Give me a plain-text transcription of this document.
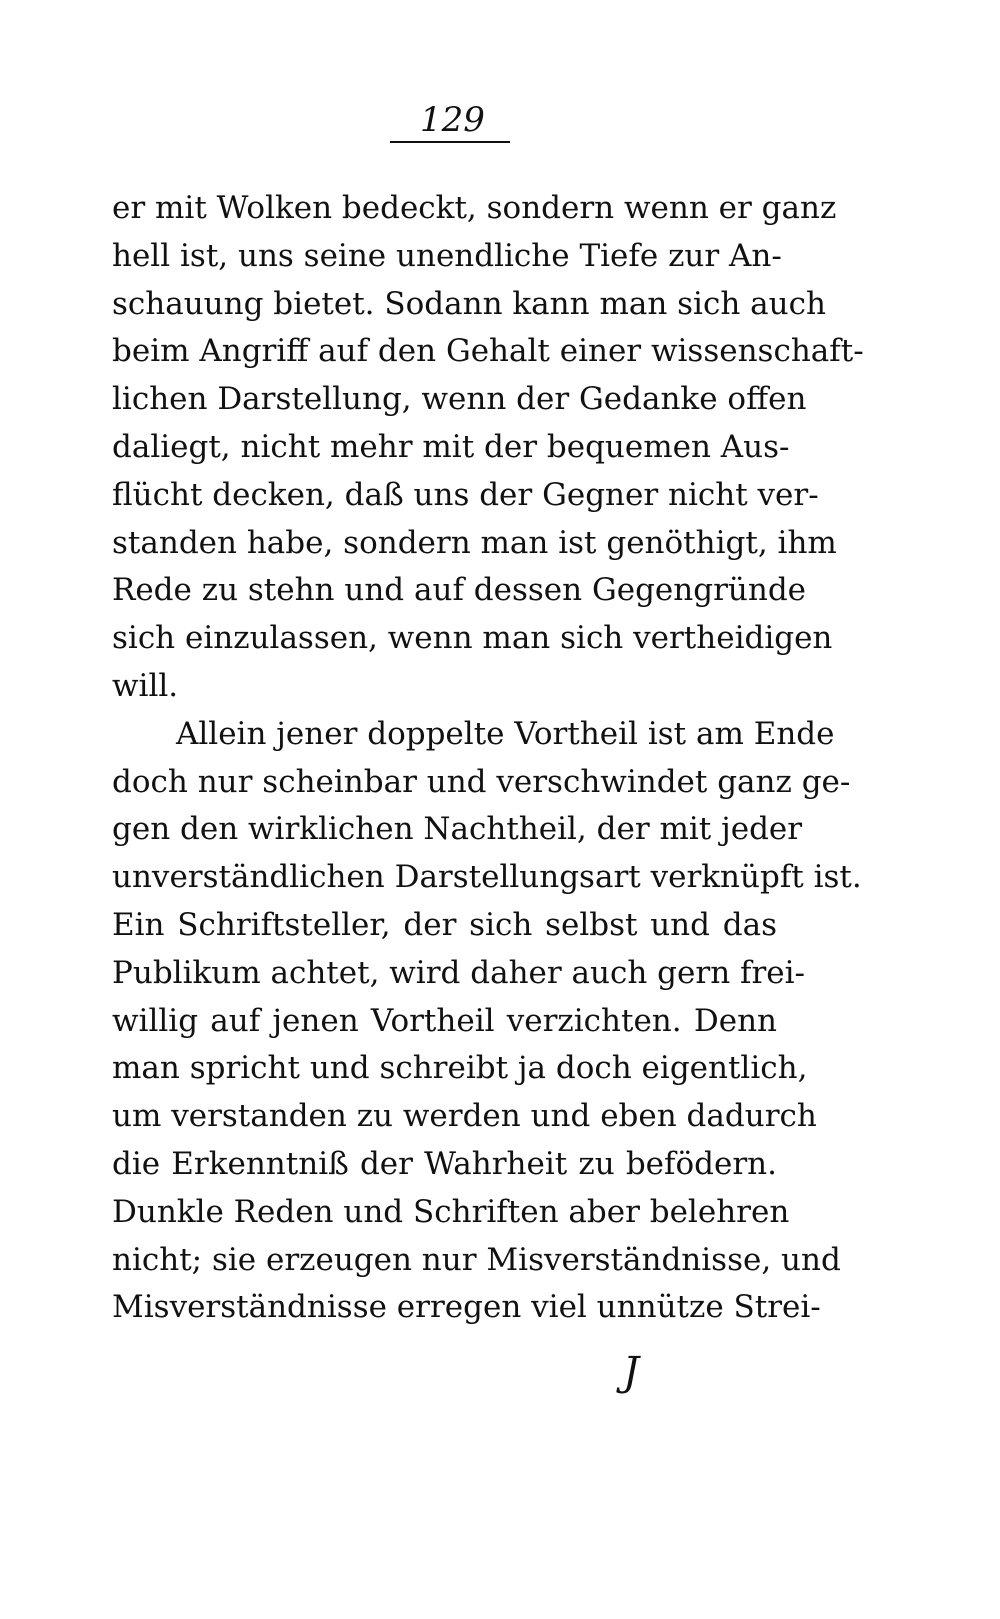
129
er mit Wolken bedeckt, sondern wenn er ganz
hell ist, uns seine unendliche Tiefe zur An-
schauung bietet. Sodann kann man sich auch
beim Angriff auf den Gehalt einer wissenschaft-
lichen Darstellung, wenn der Gedanke offen
daliegt, nicht mehr mit der bequemen Aus-
flücht decken, daß uns der Gegner nicht ver-
standen habe, sondern man ist genöthigt, ihm
Rede zu stehn und auf dessen Gegengründe
sich einzulassen, wenn man sich vertheidigen
will.
Allein jener doppelte Vortheil ist am Ende
doch nur scheinbar und verschwindet ganz ge-
gen den wirklichen Nachtheil, der mit jeder
unverständlichen Darstellungsart verknüpft ist.
Ein Schriftsteller, der sich selbst und das
Publikum achtet, wird daher auch gern frei-
willig auf jenen Vortheil verzichten. Denn
man spricht und schreibt ja doch eigentlich,
um verstanden zu werden und eben dadurch
die Erkenntniß der Wahrheit zu befödern.
Dunkle Reden und Schriften aber belehren
nicht; sie erzeugen nur Misverständnisse, und
Misverständnisse erregen viel unnütze Strei-
J
